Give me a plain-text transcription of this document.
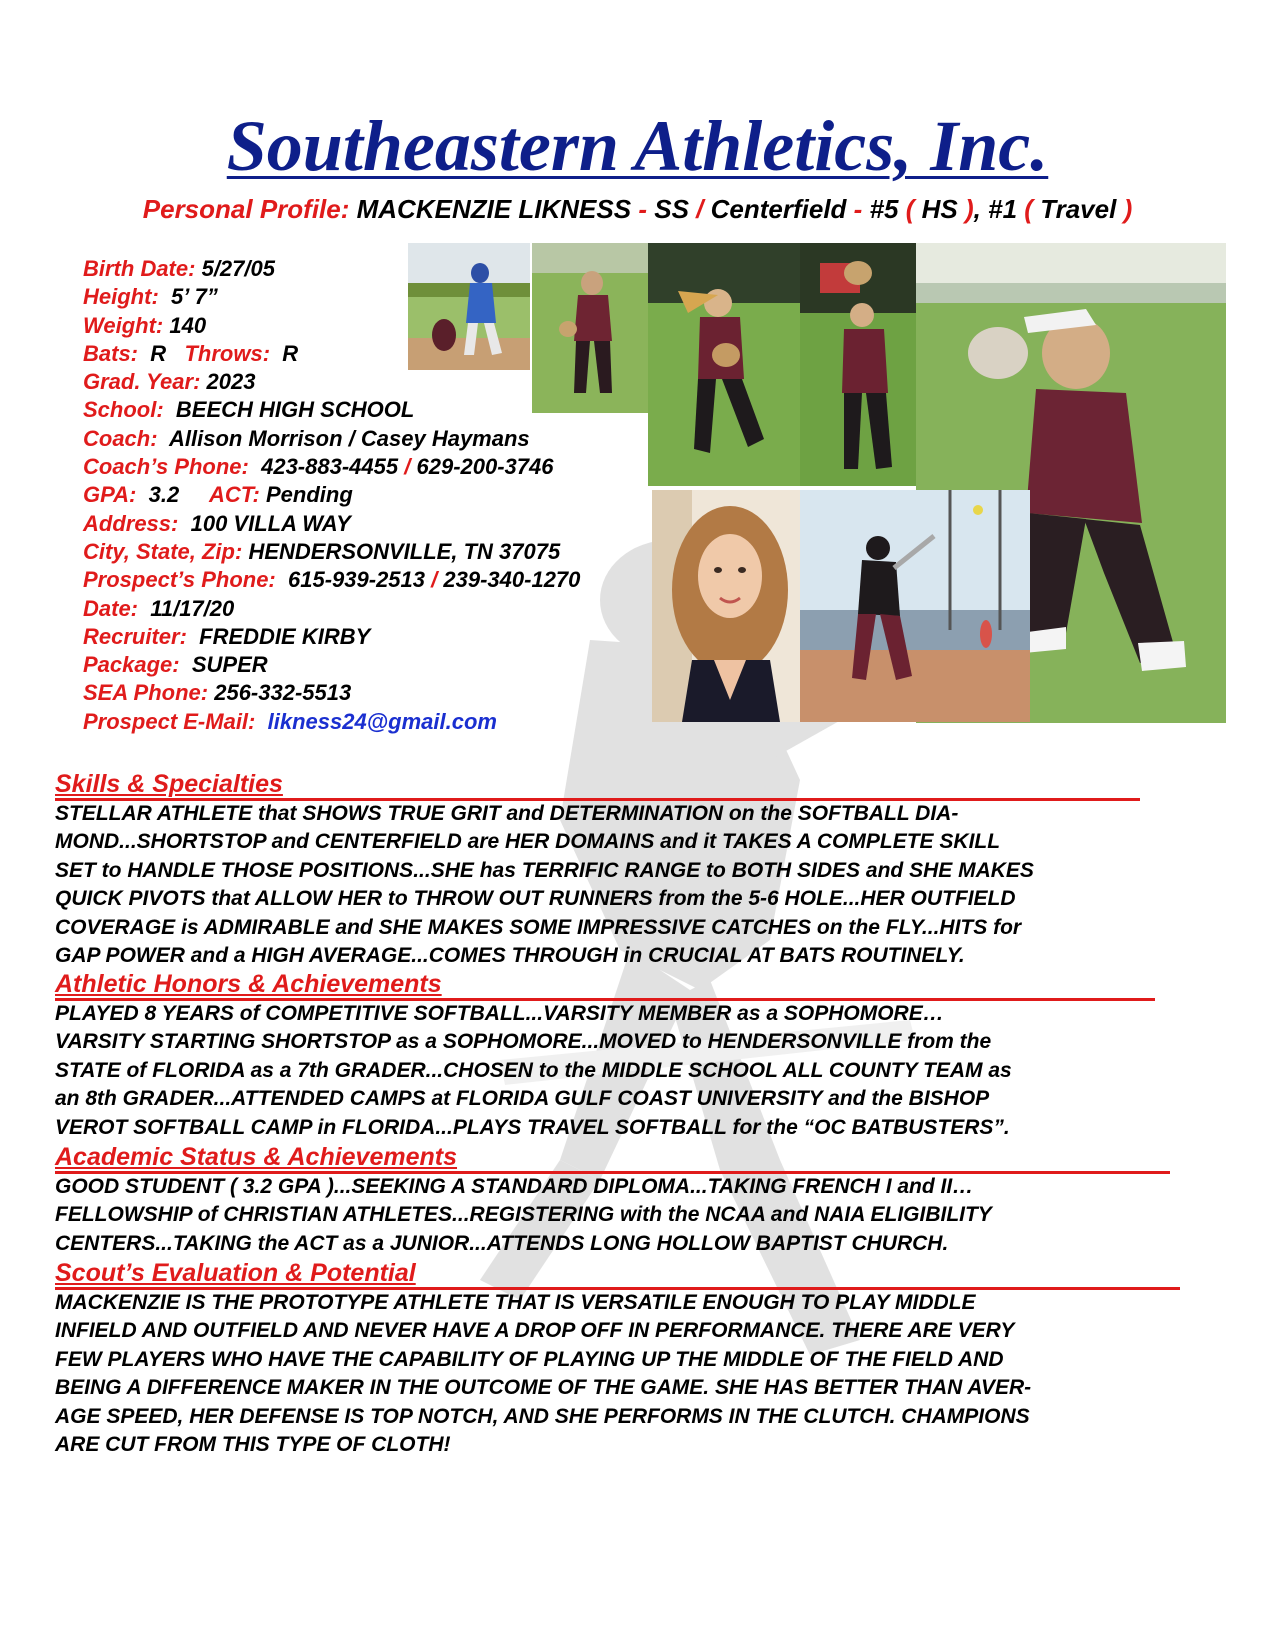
Southeastern Athletics, Inc.
Personal Profile: MACKENZIE LIKNESS - SS / Centerfield - #5 ( HS ), #1 ( Travel )
Birth Date: 5/27/05
Height: 5’ 7”
Weight: 140
Bats: R Throws: R
Grad. Year: 2023
School: BEECH HIGH SCHOOL
Coach: Allison Morrison / Casey Haymans
Coach’s Phone: 423-883-4455 / 629-200-3746
GPA: 3.2 ACT: Pending
Address: 100 VILLA WAY
City, State, Zip: HENDERSONVILLE, TN 37075
Prospect’s Phone: 615-939-2513 / 239-340-1270
Date: 11/17/20
Recruiter: FREDDIE KIRBY
Package: SUPER
SEA Phone: 256-332-5513
Prospect E-Mail: likness24@gmail.com
Skills & Specialties

STELLAR ATHLETE that SHOWS TRUE GRIT and DETERMINATION on the SOFTBALL DIA-
MOND...SHORTSTOP and CENTERFIELD are HER DOMAINS and it TAKES A COMPLETE SKILL
SET to HANDLE THOSE POSITIONS...SHE has TERRIFIC RANGE to BOTH SIDES and SHE MAKES
QUICK PIVOTS that ALLOW HER to THROW OUT RUNNERS from the 5-6 HOLE...HER OUTFIELD
COVERAGE is ADMIRABLE and SHE MAKES SOME IMPRESSIVE CATCHES on the FLY...HITS for
GAP POWER and a HIGH AVERAGE...COMES THROUGH in CRUCIAL AT BATS ROUTINELY.

Athletic Honors & Achievements

PLAYED 8 YEARS of COMPETITIVE SOFTBALL...VARSITY MEMBER as a SOPHOMORE…
VARSITY STARTING SHORTSTOP as a SOPHOMORE...MOVED to HENDERSONVILLE from the
STATE of FLORIDA as a 7th GRADER...CHOSEN to the MIDDLE SCHOOL ALL COUNTY TEAM as
an 8th GRADER...ATTENDED CAMPS at FLORIDA GULF COAST UNIVERSITY and the BISHOP
VEROT SOFTBALL CAMP in FLORIDA...PLAYS TRAVEL SOFTBALL for the “OC BATBUSTERS”.

Academic Status & Achievements

GOOD STUDENT ( 3.2 GPA )...SEEKING A STANDARD DIPLOMA...TAKING FRENCH I and II…
FELLOWSHIP of CHRISTIAN ATHLETES...REGISTERING with the NCAA and NAIA ELIGIBILITY
CENTERS...TAKING the ACT as a JUNIOR...ATTENDS LONG HOLLOW BAPTIST CHURCH.

Scout’s Evaluation & Potential

MACKENZIE IS THE PROTOTYPE ATHLETE THAT IS VERSATILE ENOUGH TO PLAY MIDDLE
INFIELD AND OUTFIELD AND NEVER HAVE A DROP OFF IN PERFORMANCE. THERE ARE VERY
FEW PLAYERS WHO HAVE THE CAPABILITY OF PLAYING UP THE MIDDLE OF THE FIELD AND
BEING A DIFFERENCE MAKER IN THE OUTCOME OF THE GAME. SHE HAS BETTER THAN AVER-
AGE SPEED, HER DEFENSE IS TOP NOTCH, AND SHE PERFORMS IN THE CLUTCH. CHAMPIONS
ARE CUT FROM THIS TYPE OF CLOTH!
